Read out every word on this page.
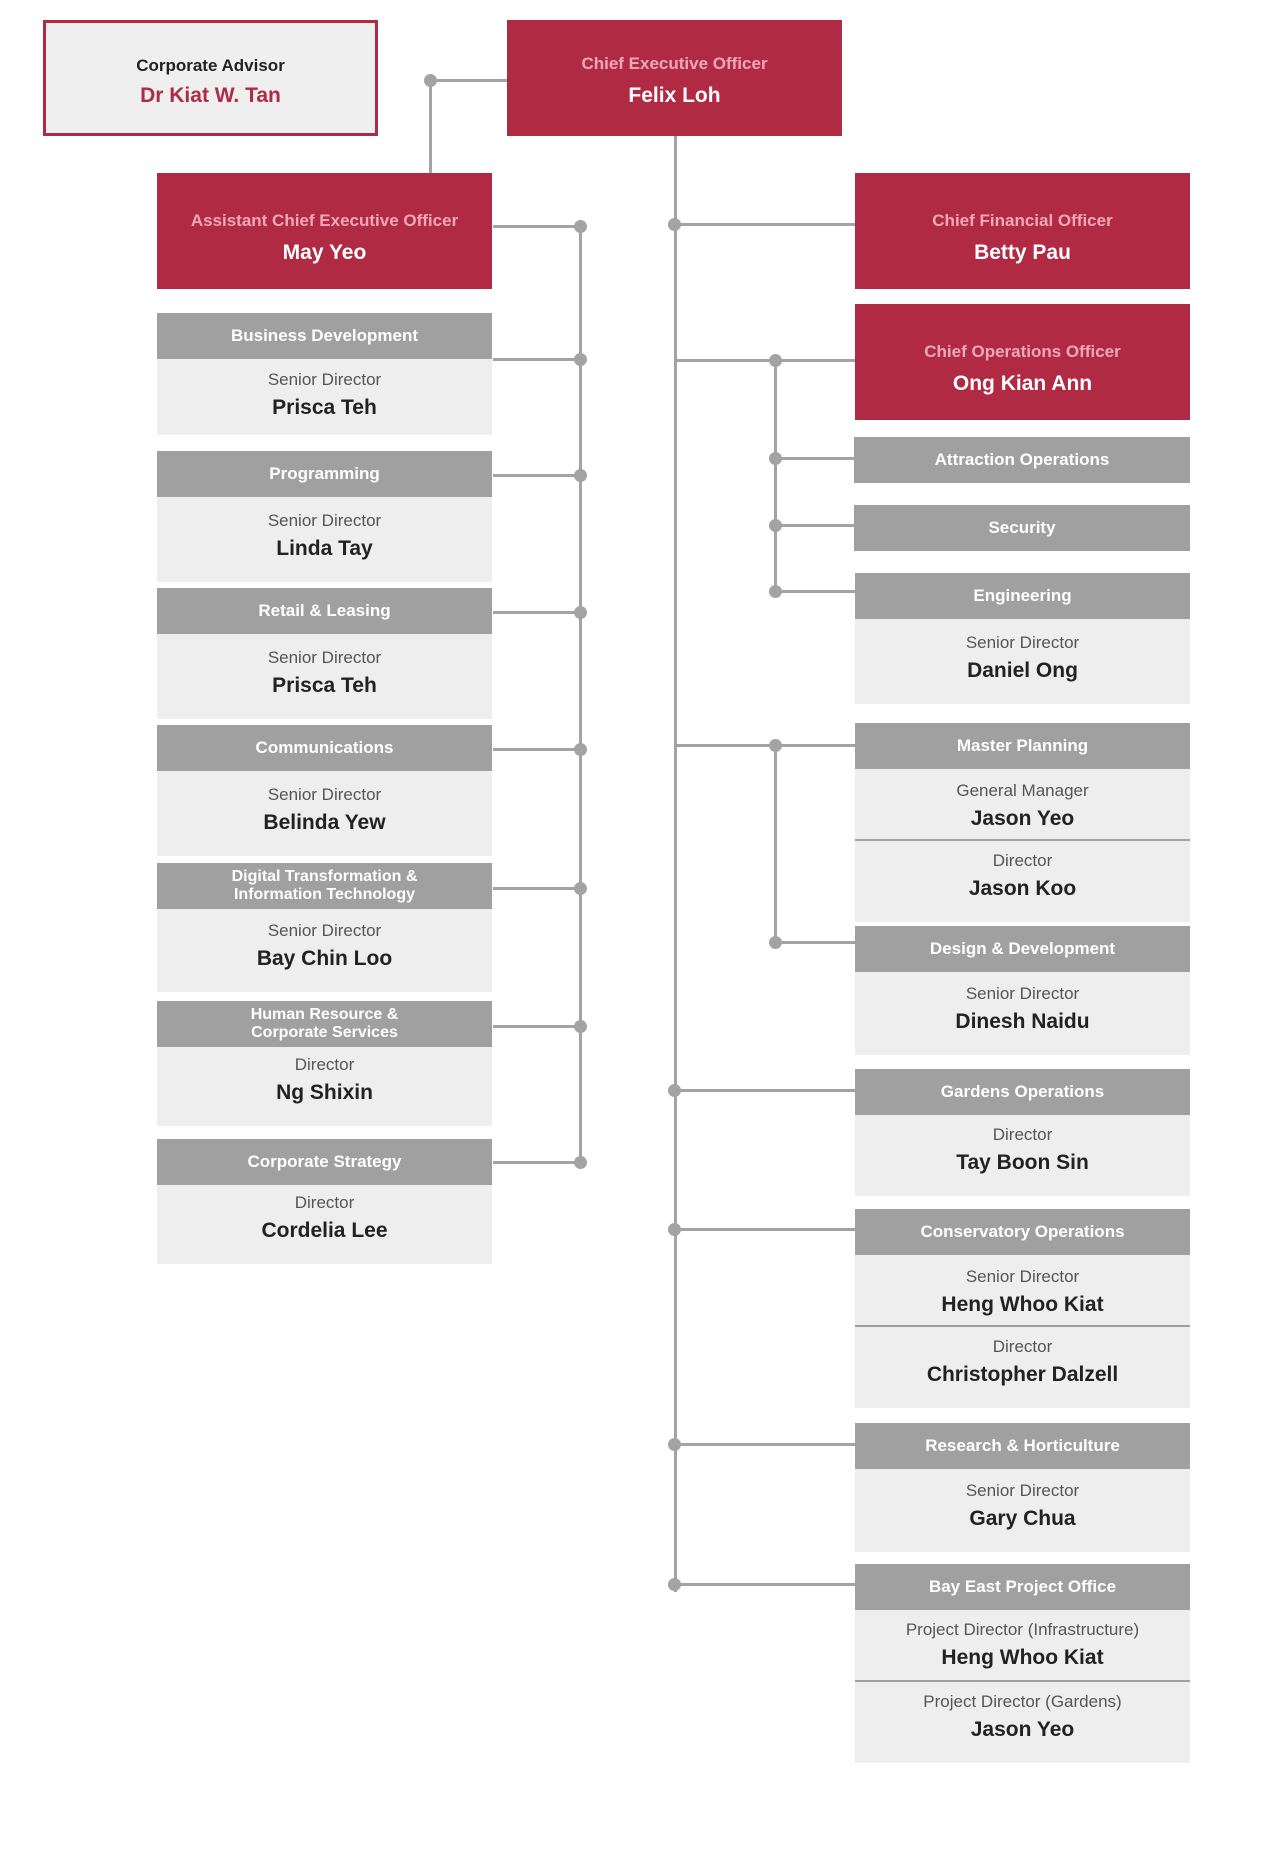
Corporate Advisor
Dr Kiat W. Tan
Chief Executive Officer
Felix Loh
Assistant Chief Executive Officer
May Yeo
Business Development
Senior Director
Prisca Teh
Programming
Senior Director
Linda Tay
Retail & Leasing
Senior Director
Prisca Teh
Communications
Senior Director
Belinda Yew
Digital Transformation &
Information Technology
Senior Director
Bay Chin Loo
Human Resource &
Corporate Services
Director
Ng Shixin
Corporate Strategy
Director
Cordelia Lee
Chief Financial Officer
Betty Pau
Chief Operations Officer
Ong Kian Ann
Attraction Operations
Security
Engineering
Senior Director
Daniel Ong
Master Planning
General Manager
Jason Yeo
Director
Jason Koo
Design & Development
Senior Director
Dinesh Naidu
Gardens Operations
Director
Tay Boon Sin
Conservatory Operations
Senior Director
Heng Whoo Kiat
Director
Christopher Dalzell
Research & Horticulture
Senior Director
Gary Chua
Bay East Project Office
Project Director (Infrastructure)
Heng Whoo Kiat
Project Director (Gardens)
Jason Yeo
